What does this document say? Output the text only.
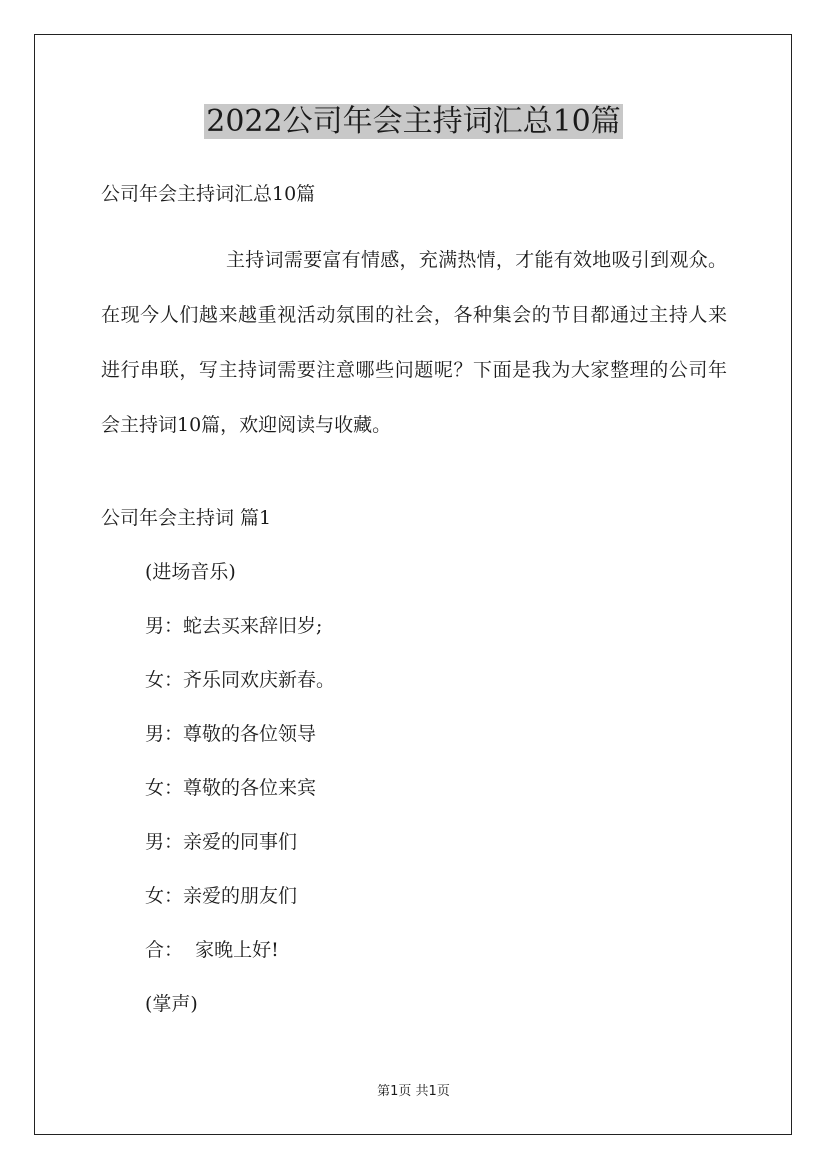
2022公司年会主持词汇总10篇

公司年会主持词汇总10篇

主持词需要富有情感，充满热情，才能有效地吸引到观众。在现今人们越来越重视活动氛围的社会，各种集会的节目都通过主持人来进行串联，写主持词需要注意哪些问题呢？下面是我为大家整理的公司年会主持词10篇，欢迎阅读与收藏。

公司年会主持词 篇1

(进场音乐)
男：蛇去买来辞旧岁;
女：齐乐同欢庆新春。
男：尊敬的各位领导
女：尊敬的各位来宾
男：亲爱的同事们
女：亲爱的朋友们
合：  家晚上好!
(掌声)
第1页 共1页
